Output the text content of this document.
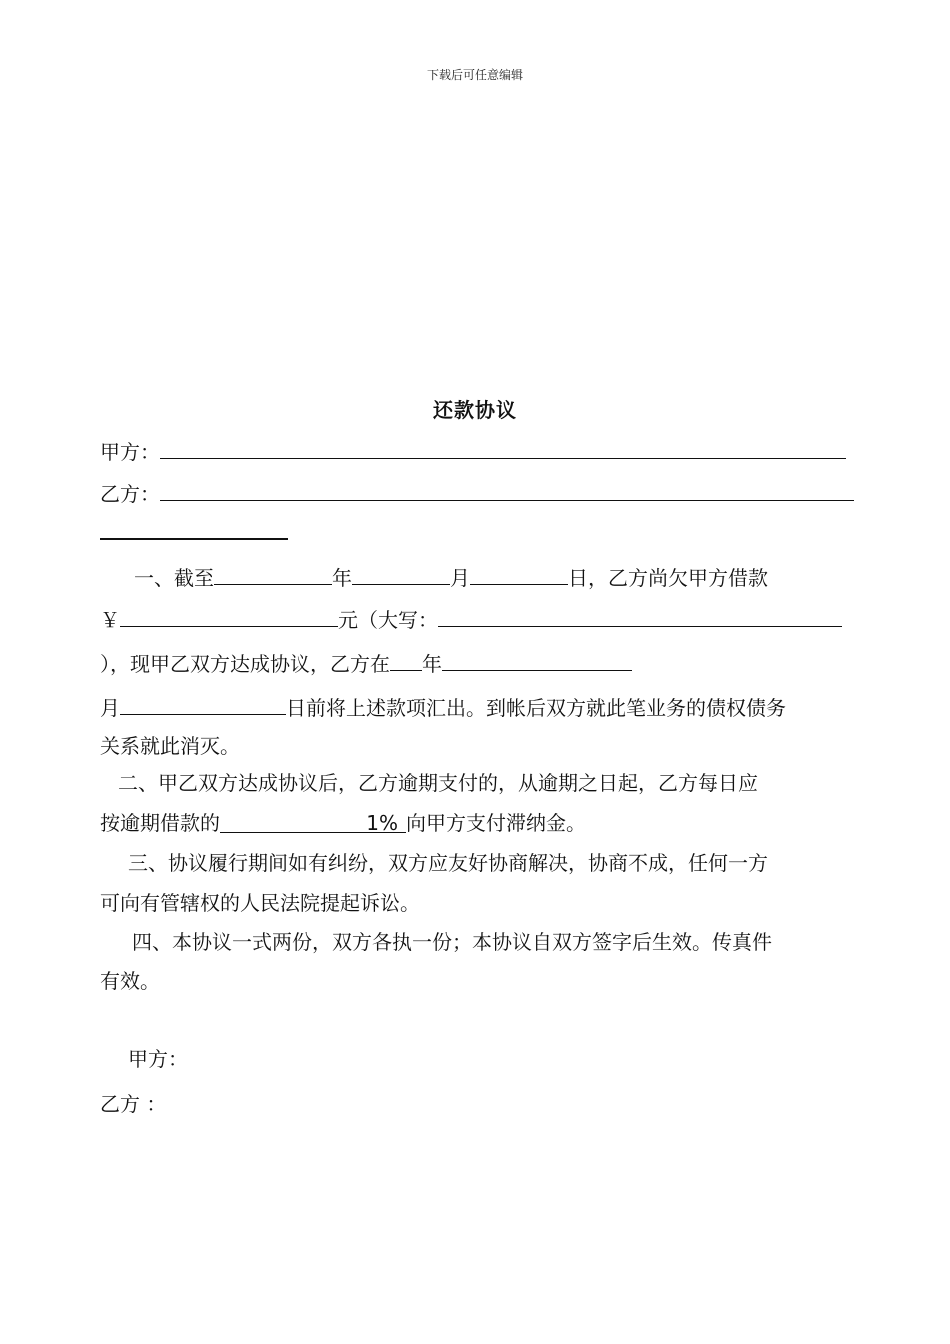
下载后可任意编辑
还款协议
甲方：
乙方：
一、截至	年	月	日，乙方尚欠甲方借款
￥	元（大写：
），现甲乙双方达成协议，乙方在 年
月	日前将上述款项汇出。到帐后双方就此笔业务的债权债务
关系就此消灭。
二、甲乙双方达成协议后，乙方逾期支付的，从逾期之日起，乙方每日应
按逾期借款的	1% 向甲方支付滞纳金。
三、协议履行期间如有纠纷，双方应友好协商解决，协商不成，任何一方
可向有管辖权的人民法院提起诉讼。
四、本协议一式两份，双方各执一份；本协议自双方签字后生效。传真件
有效。
甲方：
乙方 ：
